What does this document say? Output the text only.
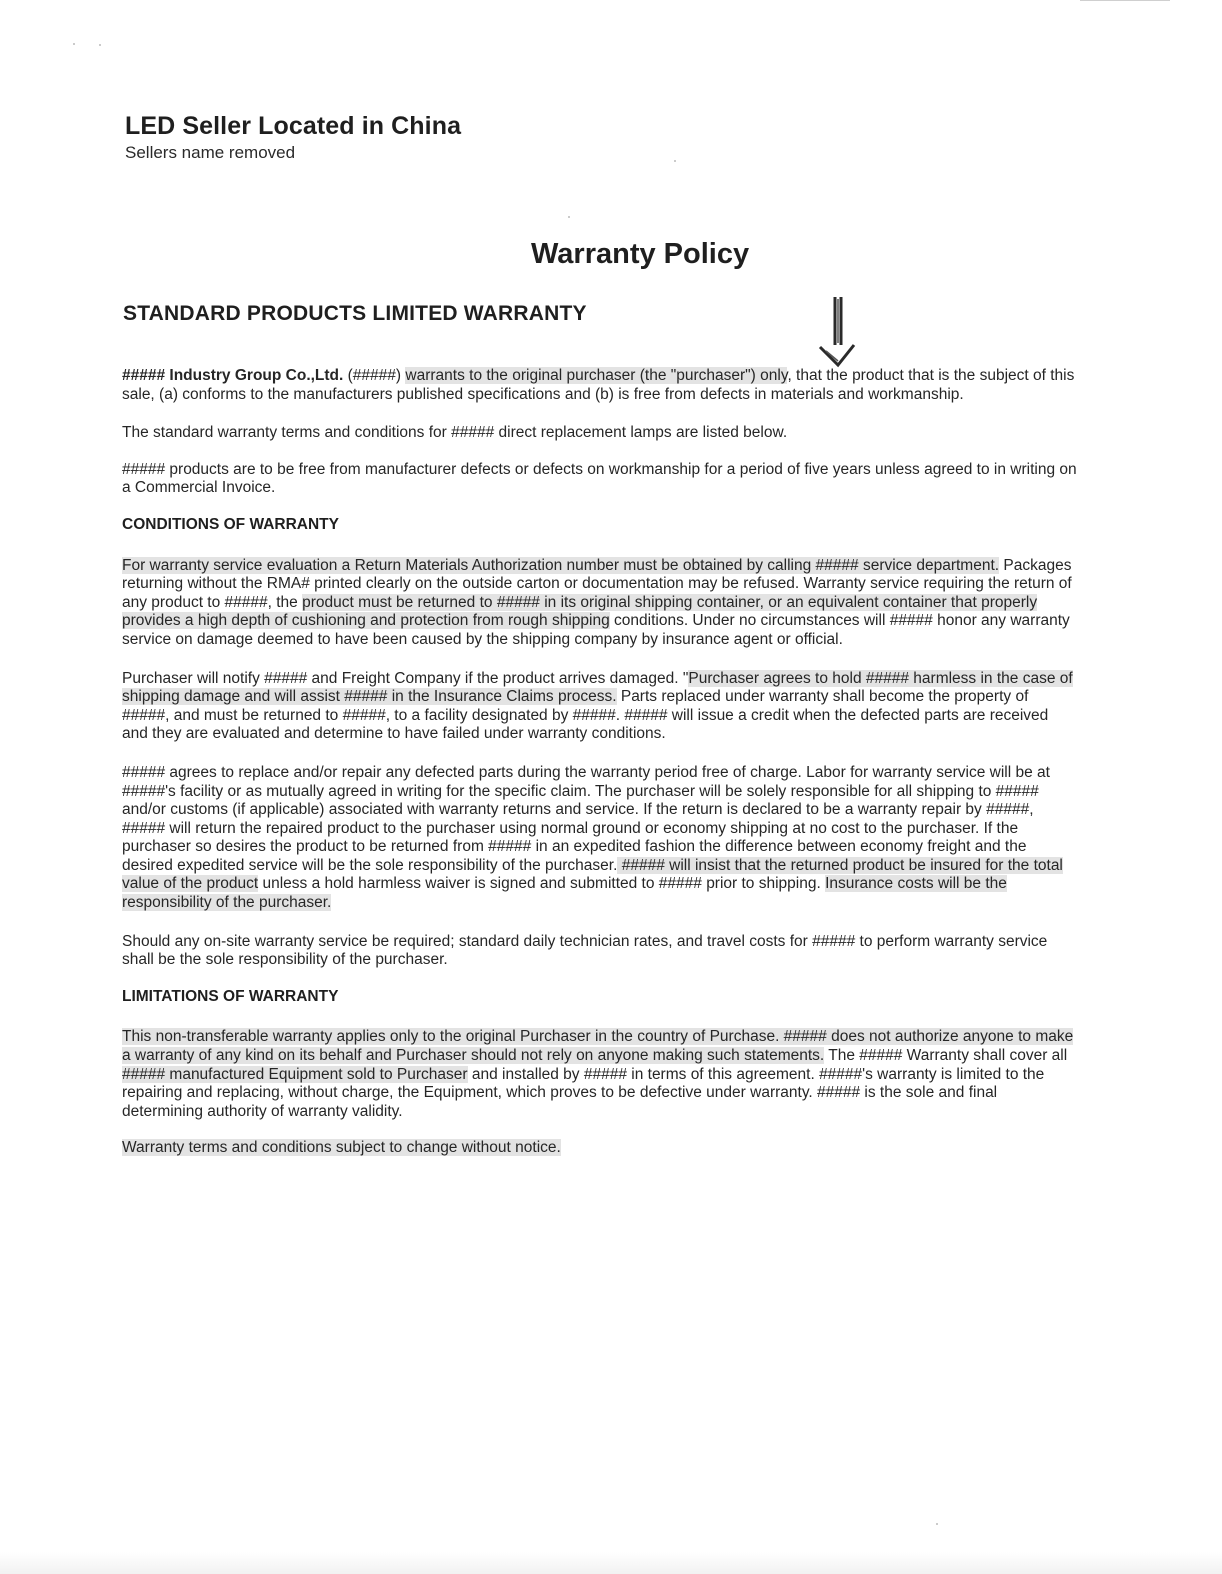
LED Seller Located in China
Sellers name removed
Warranty Policy
STANDARD PRODUCTS LIMITED WARRANTY

##### Industry Group Co.,Ltd. (#####) warrants to the original purchaser (the "purchaser") only, that the product that is the subject of this sale, (a) conforms to the manufacturers published specifications and (b) is free from defects in materials and workmanship.

The standard warranty terms and conditions for ##### direct replacement lamps are listed below.

##### products are to be free from manufacturer defects or defects on workmanship for a period of five years unless agreed to in writing on a Commercial Invoice.

CONDITIONS OF WARRANTY

For warranty service evaluation a Return Materials Authorization number must be obtained by calling ##### service department. Packages returning without the RMA# printed clearly on the outside carton or documentation may be refused. Warranty service requiring the return of any product to #####, the product must be returned to ##### in its original shipping container, or an equivalent container that properly provides a high depth of cushioning and protection from rough shipping conditions. Under no circumstances will ##### honor any warranty service on damage deemed to have been caused by the shipping company by insurance agent or official.

Purchaser will notify ##### and Freight Company if the product arrives damaged. "Purchaser agrees to hold ##### harmless in the case of shipping damage and will assist ##### in the Insurance Claims process. Parts replaced under warranty shall become the property of #####, and must be returned to #####, to a facility designated by #####. ##### will issue a credit when the defected parts are received and they are evaluated and determine to have failed under warranty conditions.

##### agrees to replace and/or repair any defected parts during the warranty period free of charge. Labor for warranty service will be at #####'s facility or as mutually agreed in writing for the specific claim. The purchaser will be solely responsible for all shipping to ##### and/or customs (if applicable) associated with warranty returns and service. If the return is declared to be a warranty repair by #####, ##### will return the repaired product to the purchaser using normal ground or economy shipping at no cost to the purchaser. If the purchaser so desires the product to be returned from ##### in an expedited fashion the difference between economy freight and the desired expedited service will be the sole responsibility of the purchaser. ##### will insist that the returned product be insured for the total value of the product unless a hold harmless waiver is signed and submitted to ##### prior to shipping. Insurance costs will be the responsibility of the purchaser.

Should any on-site warranty service be required; standard daily technician rates, and travel costs for ##### to perform warranty service shall be the sole responsibility of the purchaser.

LIMITATIONS OF WARRANTY

This non-transferable warranty applies only to the original Purchaser in the country of Purchase. ##### does not authorize anyone to make a warranty of any kind on its behalf and Purchaser should not rely on anyone making such statements. The ##### Warranty shall cover all ##### manufactured Equipment sold to Purchaser and installed by ##### in terms of this agreement. #####'s warranty is limited to the repairing and replacing, without charge, the Equipment, which proves to be defective under warranty. ##### is the sole and final determining authority of warranty validity.

Warranty terms and conditions subject to change without notice.
